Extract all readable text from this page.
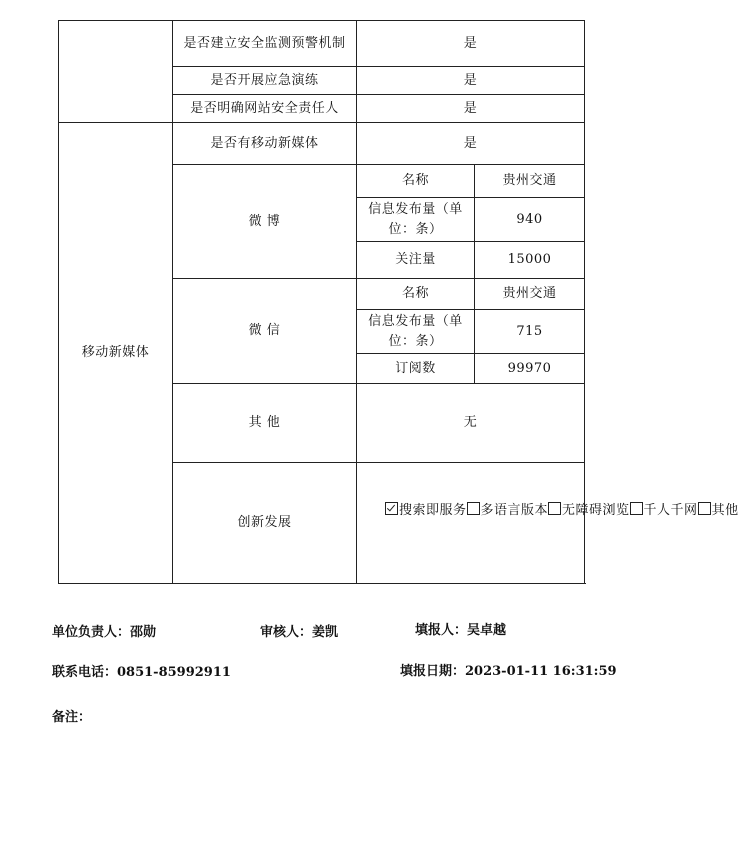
	是否建立安全监测预警机制	是	
	是否开展应急演练	是	
	是否明确网站安全责任人	是	
移动新媒体	是否有移动新媒体	是	
	微 博	名称	贵州交通
		信息发布量（单位：条）	940
		关注量	15000
	微 信	名称	贵州交通
		信息发布量（单位：条）	715
		订阅数	99970
	其 他	无	
	创新发展	搜索即服务 多语言版本 无障碍浏览 千人千网 其他	
单位负责人：邵勋	审核人：姜凯	填报人：吴卓越
联系电话：0851-85992911	填报日期：2023-01-11 16:31:59
备注：
